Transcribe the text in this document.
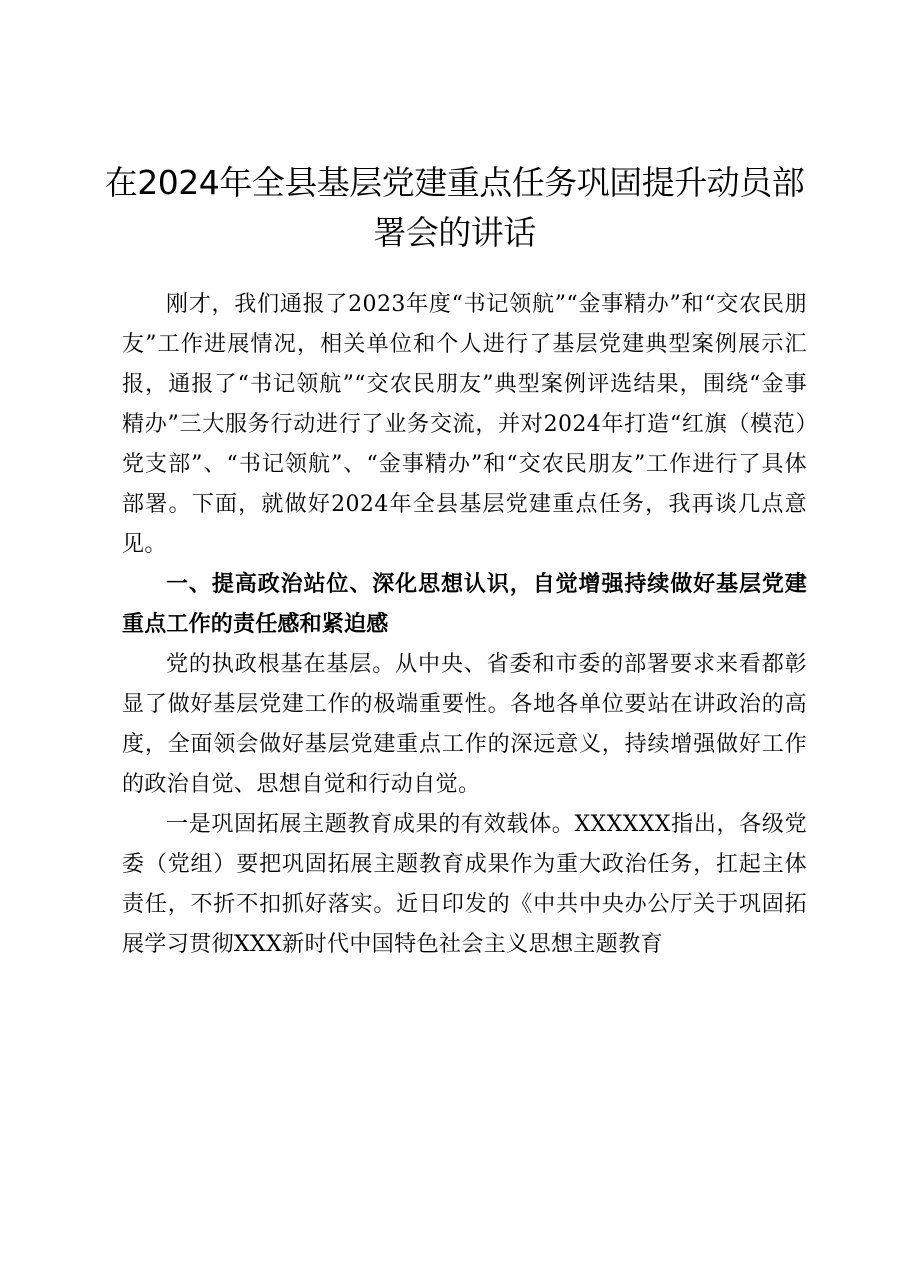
在2024年全县基层党建重点任务巩固提升动员部署会的讲话

刚才，我们通报了2023年度“书记领航”“金事精办”和“交农民朋友”工作进展情况，相关单位和个人进行了基层党建典型案例展示汇报，通报了“书记领航”“交农民朋友”典型案例评选结果，围绕“金事精办”三大服务行动进行了业务交流，并对2024年打造“红旗（模范）党支部”、“书记领航”、“金事精办”和“交农民朋友”工作进行了具体部署。下面，就做好2024年全县基层党建重点任务，我再谈几点意见。

一、提高政治站位、深化思想认识，自觉增强持续做好基层党建重点工作的责任感和紧迫感

党的执政根基在基层。从中央、省委和市委的部署要求来看都彰显了做好基层党建工作的极端重要性。各地各单位要站在讲政治的高度，全面领会做好基层党建重点工作的深远意义，持续增强做好工作的政治自觉、思想自觉和行动自觉。

一是巩固拓展主题教育成果的有效载体。XXXXXX指出，各级党委（党组）要把巩固拓展主题教育成果作为重大政治任务，扛起主体责任，不折不扣抓好落实。近日印发的《中共中央办公厅关于巩固拓展学习贯彻XXX新时代中国特色社会主义思想主题教育
